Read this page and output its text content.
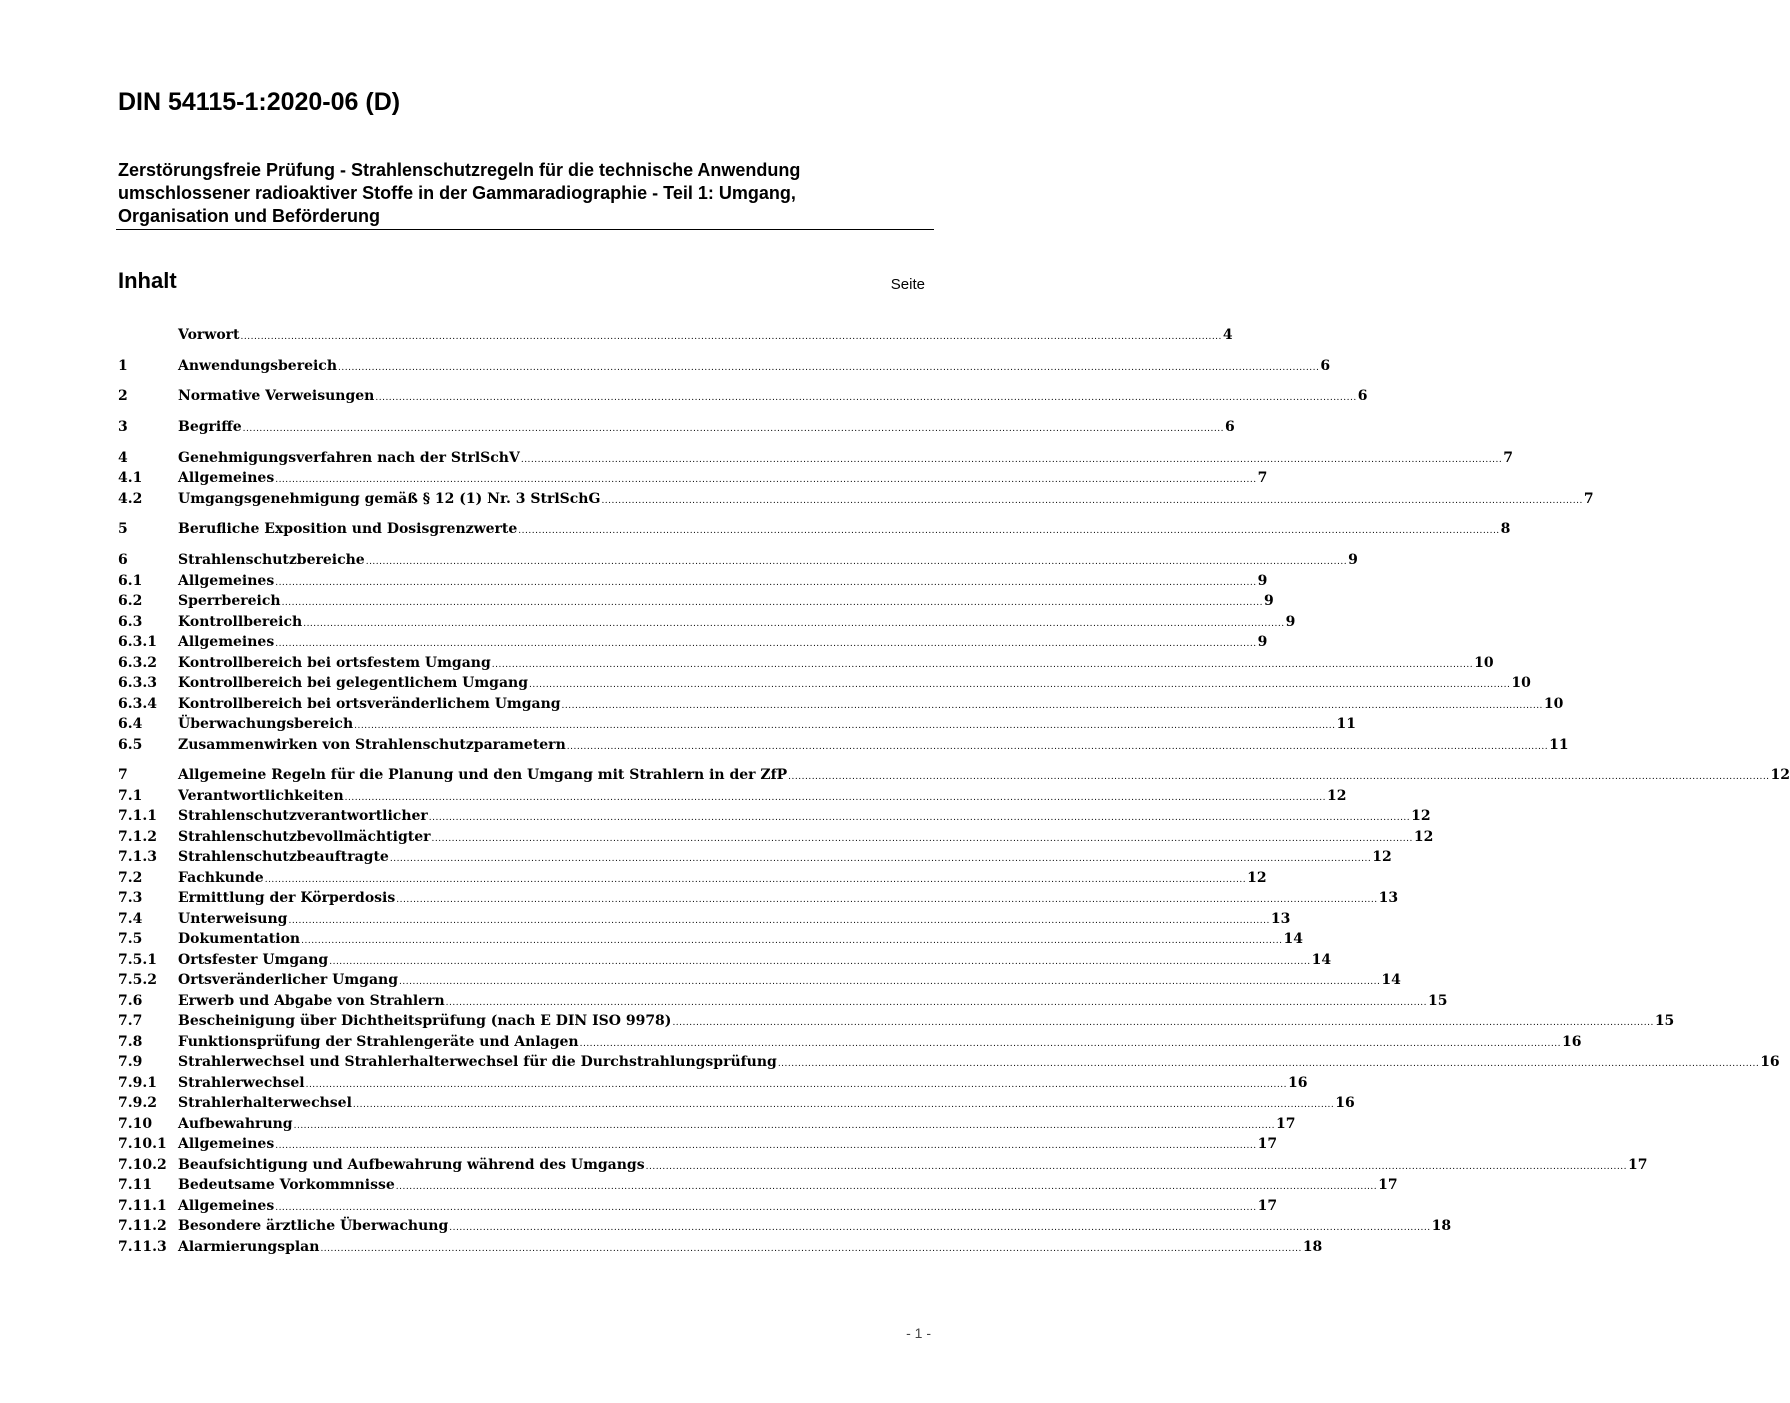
DIN 54115-1:2020-06 (D)
Zerstörungsfreie Prüfung - Strahlenschutzregeln für die technische Anwendung umschlossener radioaktiver Stoffe in der Gammaradiographie - Teil 1: Umgang, Organisation und Beförderung
Inhalt	Seite
Vorwort .....	4
1	Anwendungsbereich .....	6
2	Normative Verweisungen .....	6
3	Begriffe .....	6
4	Genehmigungsverfahren nach der StrlSchV .....	7
4.1	Allgemeines .....	7
4.2	Umgangsgenehmigung gemäß § 12 (1) Nr. 3 StrlSchG .....	7
5	Berufliche Exposition und Dosisgrenzwerte .....	8
6	Strahlenschutzbereiche .....	9
6.1	Allgemeines .....	9
6.2	Sperrbereich .....	9
6.3	Kontrollbereich .....	9
6.3.1	Allgemeines .....	9
6.3.2	Kontrollbereich bei ortsfestem Umgang .....	10
6.3.3	Kontrollbereich bei gelegentlichem Umgang .....	10
6.3.4	Kontrollbereich bei ortsveränderlichem Umgang .....	10
6.4	Überwachungsbereich .....	11
6.5	Zusammenwirken von Strahlenschutzparametern .....	11
7	Allgemeine Regeln für die Planung und den Umgang mit Strahlern in der ZfP .....	12
7.1	Verantwortlichkeiten .....	12
7.1.1	Strahlenschutzverantwortlicher .....	12
7.1.2	Strahlenschutzbevollmächtigter .....	12
7.1.3	Strahlenschutzbeauftragte .....	12
7.2	Fachkunde .....	12
7.3	Ermittlung der Körperdosis .....	13
7.4	Unterweisung .....	13
7.5	Dokumentation .....	14
7.5.1	Ortsfester Umgang .....	14
7.5.2	Ortsveränderlicher Umgang .....	14
7.6	Erwerb und Abgabe von Strahlern .....	15
7.7	Bescheinigung über Dichtheitsprüfung (nach E DIN ISO 9978) .....	15
7.8	Funktionsprüfung der Strahlengeräte und Anlagen .....	16
7.9	Strahlerwechsel und Strahlerhalterwechsel für die Durchstrahlungsprüfung .....	16
7.9.1	Strahlerwechsel .....	16
7.9.2	Strahlerhalterwechsel .....	16
7.10	Aufbewahrung .....	17
7.10.1 Allgemeines .....	17
7.10.2 Beaufsichtigung und Aufbewahrung während des Umgangs .....	17
7.11	Bedeutsame Vorkommnisse .....	17
7.11.1 Allgemeines .....	17
7.11.2 Besondere ärztliche Überwachung .....	18
7.11.3 Alarmierungsplan .....	18
- 1 -
